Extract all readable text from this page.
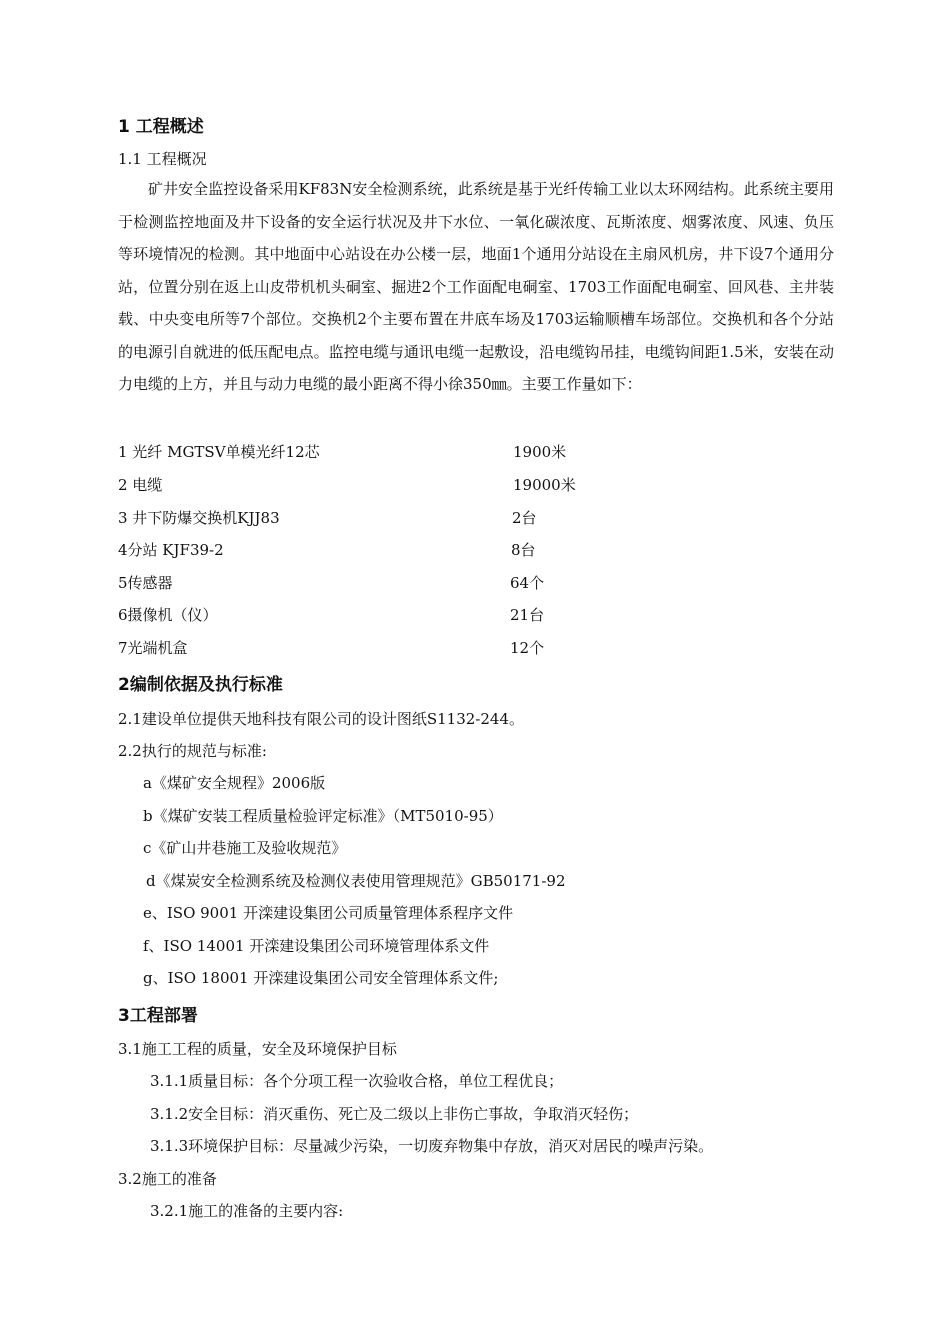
1 工程概述
1.1 工程概况
矿井安全监控设备采用KF83N安全检测系统，此系统是基于光纤传输工业以太环网结构。此系统主要用于检测监控地面及井下设备的安全运行状况及井下水位、一氧化碳浓度、瓦斯浓度、烟雾浓度、风速、负压等环境情况的检测。其中地面中心站设在办公楼一层，地面1个通用分站设在主扇风机房，井下设7个通用分站，位置分别在返上山皮带机机头硐室、掘进2个工作面配电硐室、1703工作面配电硐室、回风巷、主井装载、中央变电所等7个部位。交换机2个主要布置在井底车场及1703运输顺槽车场部位。交换机和各个分站的电源引自就进的低压配电点。监控电缆与通讯电缆一起敷设，沿电缆钩吊挂，电缆钩间距1.5米，安装在动力电缆的上方，并且与动力电缆的最小距离不得小徐350㎜。主要工作量如下：
1 光纤 MGTSV单模光纤12芯	1900米
2 电缆	19000米
3 井下防爆交换机KJJ83	2台
4分站 KJF39-2	8台
5传感器	64个
6摄像机（仪）	21台
7光端机盒	12个
2编制依据及执行标准
2.1建设单位提供天地科技有限公司的设计图纸S1132-244。
2.2执行的规范与标准:
a《煤矿安全规程》2006版
b《煤矿安装工程质量检验评定标准》（MT5010-95）
c《矿山井巷施工及验收规范》
d《煤炭安全检测系统及检测仪表使用管理规范》GB50171-92
e、ISO 9001 开滦建设集团公司质量管理体系程序文件
f、ISO 14001 开滦建设集团公司环境管理体系文件
g、ISO 18001 开滦建设集团公司安全管理体系文件;
3工程部署
3.1施工工程的质量，安全及环境保护目标
3.1.1质量目标：各个分项工程一次验收合格，单位工程优良；
3.1.2安全目标：消灭重伤、死亡及二级以上非伤亡事故，争取消灭轻伤；
3.1.3环境保护目标：尽量减少污染，一切废弃物集中存放，消灭对居民的噪声污染。
3.2施工的准备
3.2.1施工的准备的主要内容:
